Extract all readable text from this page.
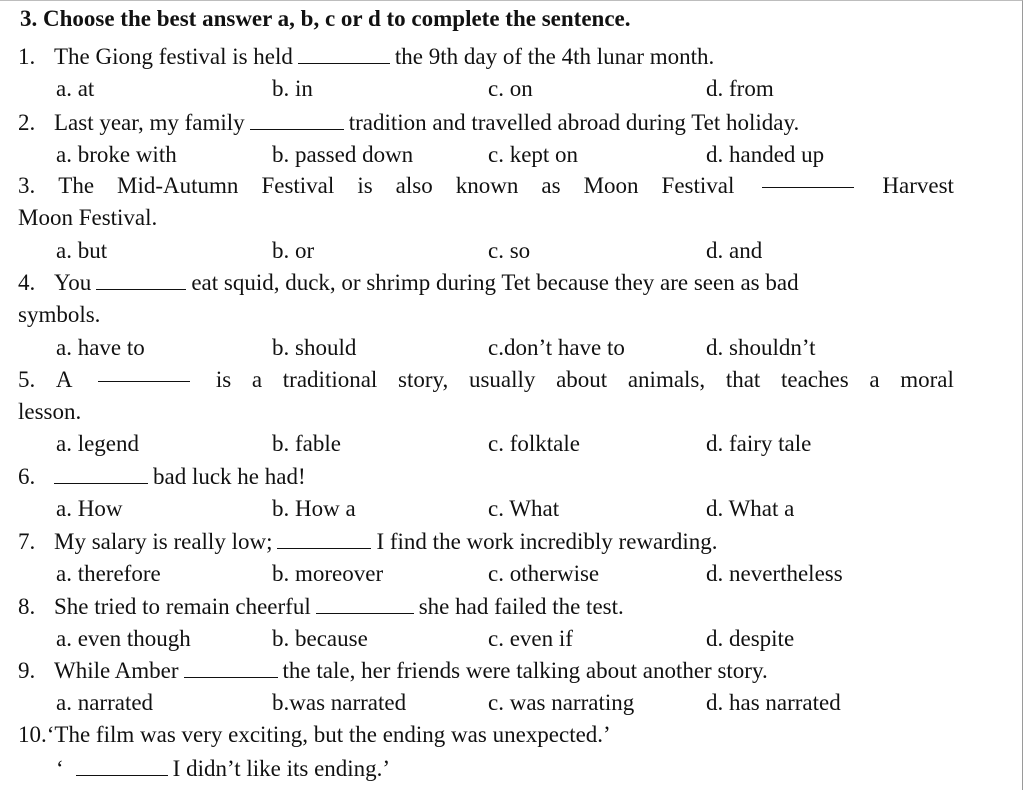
3. Choose the best answer a, b, c or d to complete the sentence.
1. The Giong festival is held	the 9th day of the 4th lunar month.
a. at	b. in	c. on	d. from
2. Last year, my family	tradition and travelled abroad during Tet holiday.
a. broke with	b. passed down	c. kept on	d. handed up
3. The Mid-Autumn Festival is also known as Moon Festival	Harvest
Moon Festival.
a. but	b. or	c. so	d. and
4. You	eat squid, duck, or shrimp during Tet because they are seen as bad
symbols.
a. have to	b. should	c.don’t have to	d. shouldn’t
5. A	is a traditional story, usually about animals, that teaches a moral
lesson.
a. legend	b. fable	c. folktale	d. fairy tale
6.	bad luck he had!
a. How	b. How a	c. What	d. What a
7. My salary is really low;	I find the work incredibly rewarding.
a. therefore	b. moreover	c. otherwise	d. nevertheless
8. She tried to remain cheerful	she had failed the test.
a. even though	b. because	c. even if	d. despite
9. While Amber	the tale, her friends were talking about another story.
a. narrated	b.was narrated	c. was narrating	d. has narrated
10.‘The film was very exciting, but the ending was unexpected.’
‘	I didn’t like its ending.’
